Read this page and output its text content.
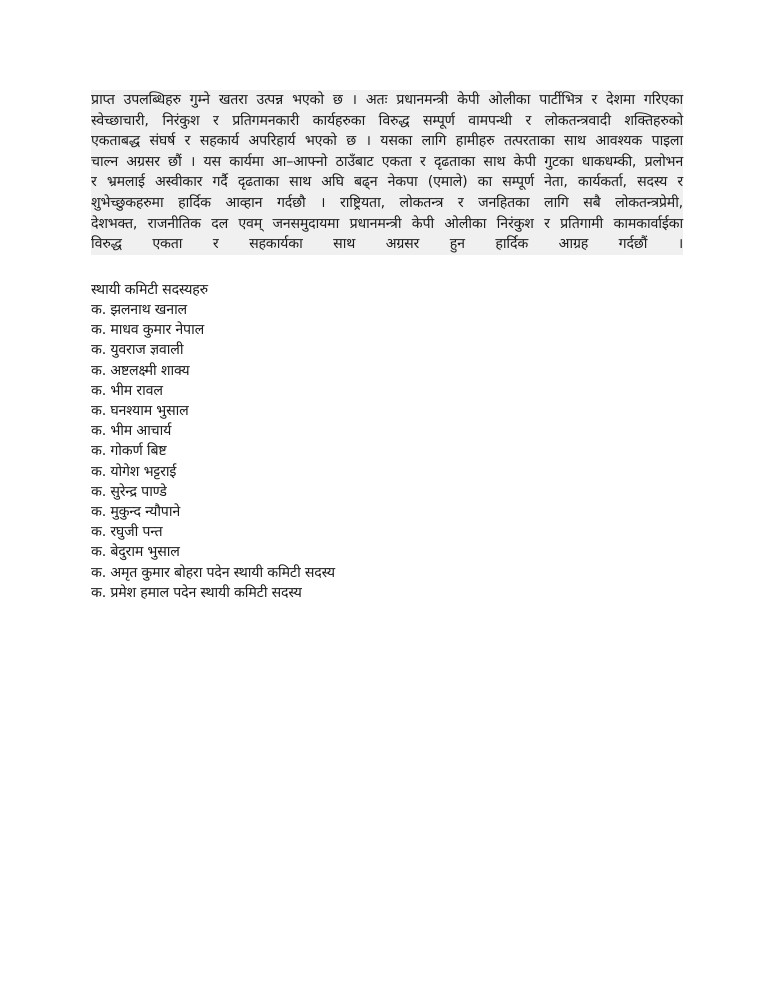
प्राप्त उपलब्धिहरु गुम्ने खतरा उत्पन्न भएको छ । अतः प्रधानमन्त्री केपी ओलीका पार्टीभित्र र देशमा गरिएका
स्वेच्छाचारी, निरंकुश र प्रतिगमनकारी कार्यहरुका विरुद्ध सम्पूर्ण वामपन्थी र लोकतन्त्रवादी शक्तिहरुको
एकताबद्ध संघर्ष र सहकार्य अपरिहार्य भएको छ । यसका लागि हामीहरु तत्परताका साथ आवश्यक पाइला
चाल्न अग्रसर छौं । यस कार्यमा आ–आफ्नो ठाउँबाट एकता र दृढताका साथ केपी गुटका धाकधम्की, प्रलोभन
र भ्रमलाई अस्वीकार गर्दै दृढताका साथ अघि बढ्न नेकपा (एमाले) का सम्पूर्ण नेता, कार्यकर्ता, सदस्य र
शुभेच्छुकहरुमा हार्दिक आव्हान गर्दछौ । राष्ट्रियता, लोकतन्त्र र जनहितका लागि सबै लोकतन्त्रप्रेमी,
देशभक्त, राजनीतिक दल एवम् जनसमुदायमा प्रधानमन्त्री केपी ओलीका निरंकुश र प्रतिगामी कामकार्वाईका
विरुद्ध एकता र सहकार्यका साथ अग्रसर हुन हार्दिक आग्रह गर्दछौं ।

स्थायी कमिटी सदस्यहरु

क. झलनाथ खनाल
क. माधव कुमार नेपाल
क. युवराज ज्ञवाली
क. अष्टलक्ष्मी शाक्य
क. भीम रावल
क. घनश्याम भुसाल
क. भीम आचार्य
क. गोकर्ण बिष्ट
क. योगेश भट्टराई
क. सुरेन्द्र पाण्डे
क. मुकुन्द न्यौपाने
क. रघुजी पन्त
क. बेदुराम भुसाल
क. अमृत कुमार बोहरा पदेन स्थायी कमिटी सदस्य
क. प्रमेश हमाल पदेन स्थायी कमिटी सदस्य
